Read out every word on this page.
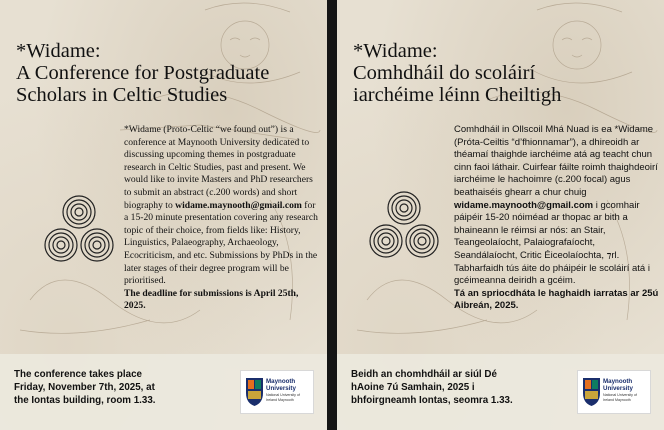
*Widame:
A Conference for Postgraduate
Scholars in Celtic Studies
*Widame (Proto-Celtic “we found out”) is a conference at Maynooth University dedicated to discussing upcoming themes in postgraduate research in Celtic Studies, past and present. We would like to invite Masters and PhD researchers to submit an abstract (c.200 words) and short biography to widame.maynooth@gmail.com for a 15-20 minute presentation covering any research topic of their choice, from fields like: History, Linguistics, Palaeography, Archaeology, Ecocriticism, and etc. Submissions by PhDs in the later stages of their degree program will be prioritised.
The deadline for submissions is April 25th, 2025.
The conference takes place
Friday, November 7th, 2025, at
the Iontas building, room 1.33.
Maynooth
University
National University of Ireland Maynooth
*Widame:
Comhdháil do scoláirí
iarchéime léinn Cheiltigh
Comhdháil in Ollscoil Mhá Nuad is ea *Widame (Próta-Ceiltis “d’fhionnamar”), a dhireoidh ar théamaí thaighde iarchéime atá ag teacht chun cinn faoi láthair. Cuirfear fáilte roimh thaighdeoirí iarchéime le hachoimre (c.200 focal) agus beathaiséis ghearr a chur chuig widame.maynooth@gmail.com i gcomhair páipéir 15-20 nóiméad ar thopac ar bith a bhaineann le réimsi ar nós: an Stair, Teangeolaíocht, Palaiografaíocht, Seandálaíocht, Critic Éiceolaíochta, ⁊rl. Tabharfaidh tús áite do pháipéir le scoláirí atá i gcéimeanna deiridh a gcéim.
Tá an spriocdháta le haghaidh iarratas ar 25ú Aibreán, 2025.
Beidh an chomhdháil ar siúl Dé
hAoine 7ú Samhain, 2025 i
bhfoirgneamh Iontas, seomra 1.33.
Maynooth
University
National University of Ireland Maynooth
